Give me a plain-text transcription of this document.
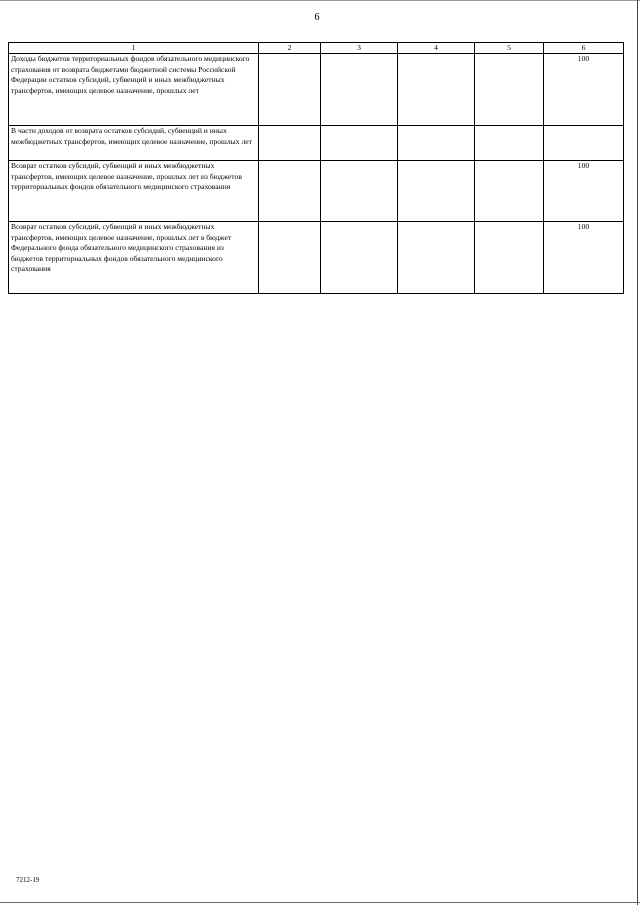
6
1	2	3	4	5	6
Доходы бюджетов территориальных фондов обязательного медицинского страхования от возврата бюджетами бюджетной системы Российской Федерации остатков субсидий, субвенций и иных межбюджетных трансфертов, имеющих целевое назначение, прошлых лет					100
В части доходов от возврата остатков субсидий, субвенций и иных межбюджетных трансфертов, имеющих целевое назначение, прошлых лет					
Возврат остатков субсидий, субвенций и иных межбюджетных трансфертов, имеющих целевое назначение, прошлых лет из бюджетов территориальных фондов обязательного медицинского страхования					100
Возврат остатков субсидий, субвенций и иных межбюджетных трансфертов, имеющих целевое назначение, прошлых лет в бюджет Федерального фонда обязательного медицинского страхования из бюджетов территориальных фондов обязательного медицинского страхования					100
7212-19
